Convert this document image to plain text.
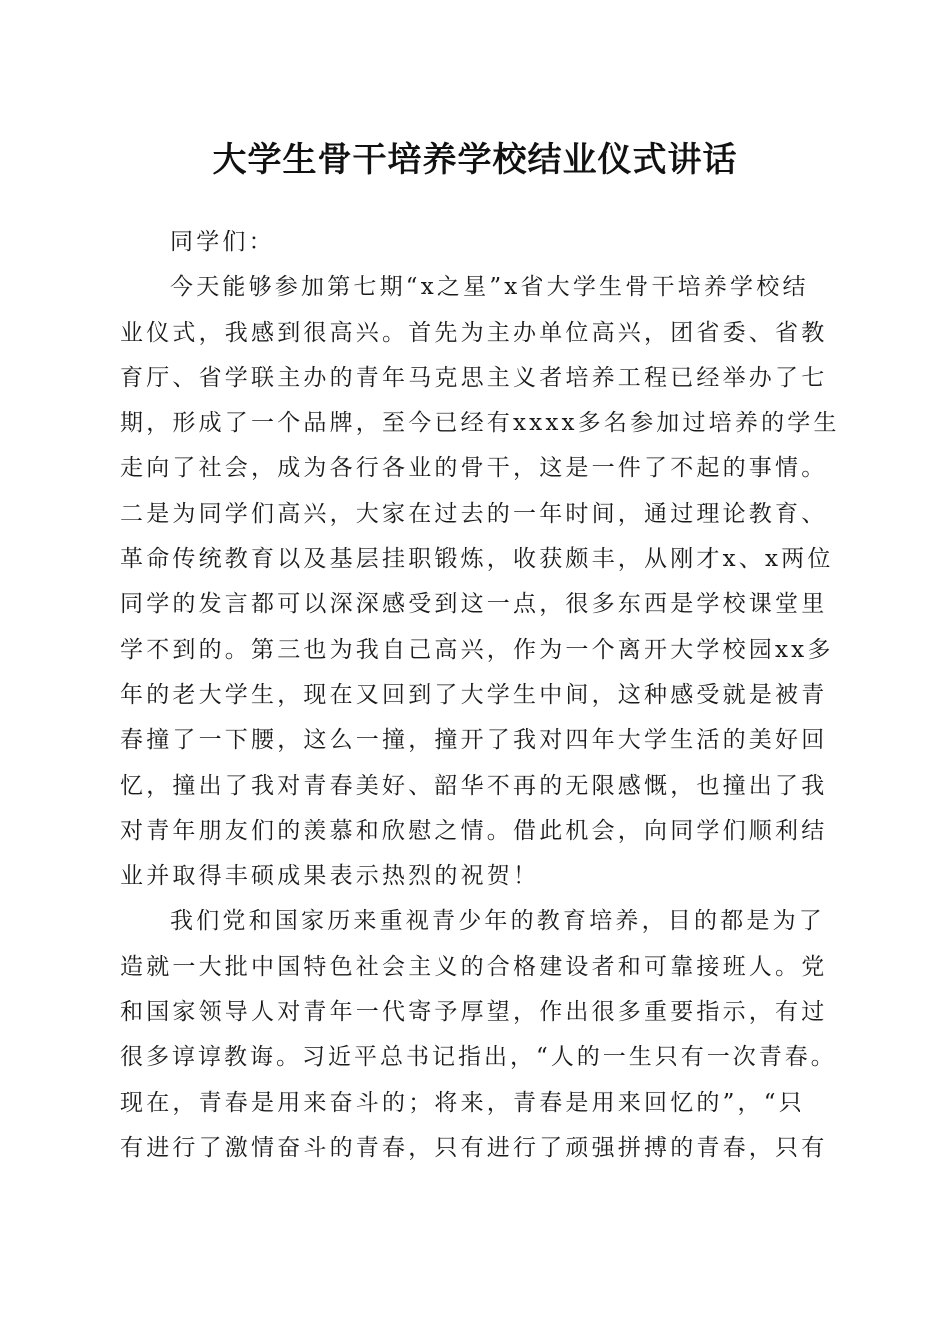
大学生骨干培养学校结业仪式讲话
同学们：
今天能够参加第七期“x之星”x省大学生骨干培养学校结
业仪式，我感到很高兴。首先为主办单位高兴，团省委、省教
育厅、省学联主办的青年马克思主义者培养工程已经举办了七
期，形成了一个品牌，至今已经有xxxx多名参加过培养的学生
走向了社会，成为各行各业的骨干，这是一件了不起的事情。
二是为同学们高兴，大家在过去的一年时间，通过理论教育、
革命传统教育以及基层挂职锻炼，收获颇丰，从刚才x、x两位
同学的发言都可以深深感受到这一点，很多东西是学校课堂里
学不到的。第三也为我自己高兴，作为一个离开大学校园xx多
年的老大学生，现在又回到了大学生中间，这种感受就是被青
春撞了一下腰，这么一撞，撞开了我对四年大学生活的美好回
忆，撞出了我对青春美好、韶华不再的无限感慨，也撞出了我
对青年朋友们的羡慕和欣慰之情。借此机会，向同学们顺利结
业并取得丰硕成果表示热烈的祝贺！
我们党和国家历来重视青少年的教育培养，目的都是为了
造就一大批中国特色社会主义的合格建设者和可靠接班人。党
和国家领导人对青年一代寄予厚望，作出很多重要指示，有过
很多谆谆教诲。习近平总书记指出，“人的一生只有一次青春。
现在，青春是用来奋斗的；将来，青春是用来回忆的”，“只
有进行了激情奋斗的青春，只有进行了顽强拼搏的青春，只有
